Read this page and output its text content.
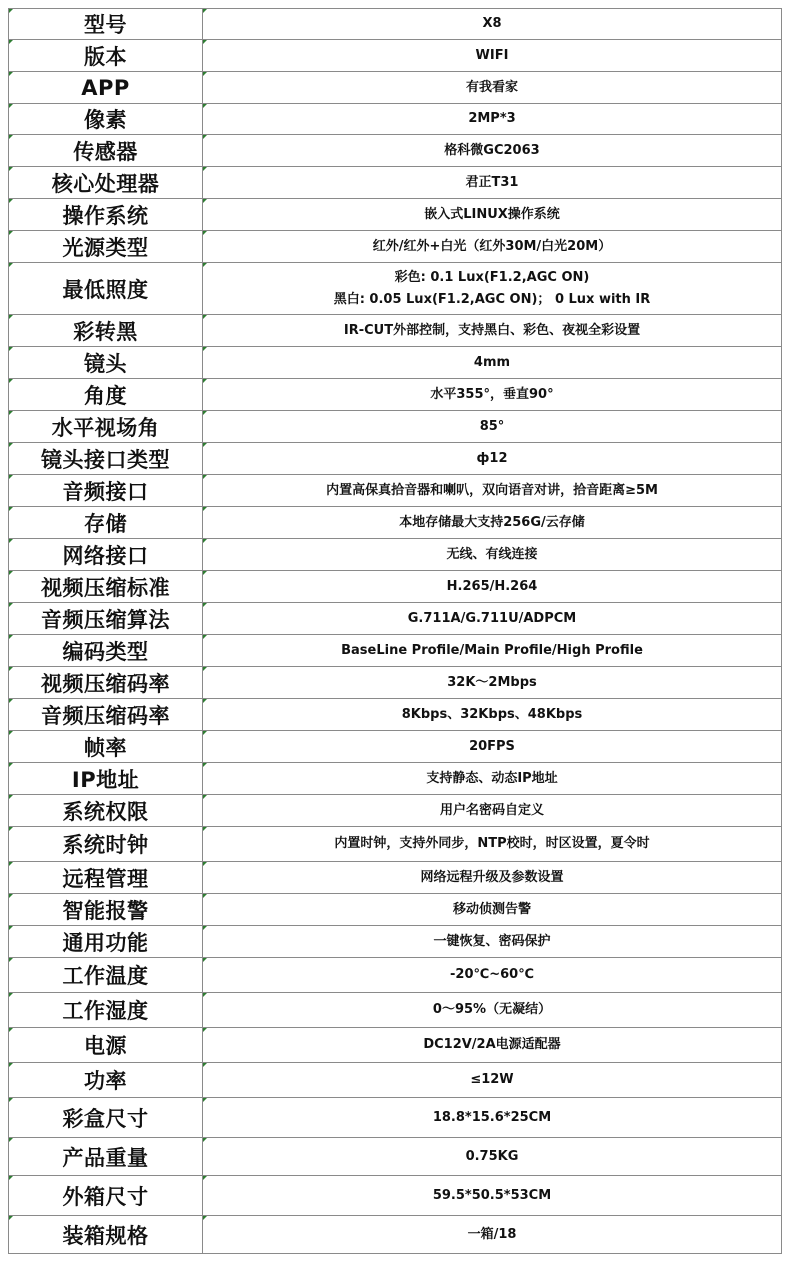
型号	X8

版本	WIFI

APP	有我看家

像素	2MP*3

传感器	格科微GC2063

核心处理器	君正T31

操作系统	嵌入式LINUX操作系统

光源类型	红外/红外+白光（红外30M/白光20M）

最低照度	彩色: 0.1 Lux(F1.2,AGC ON)
黑白: 0.05 Lux(F1.2,AGC ON)； 0 Lux with IR

彩转黑	IR-CUT外部控制，支持黑白、彩色、夜视全彩设置

镜头	4mm

角度	水平355°，垂直90°

水平视场角	85°

镜头接口类型	ф12

音频接口	内置高保真拾音器和喇叭，双向语音对讲，拾音距离≥5M

存储	本地存储最大支持256G/云存储

网络接口	无线、有线连接

视频压缩标准	H.265/H.264

音频压缩算法	G.711A/G.711U/ADPCM

编码类型	BaseLine Profile/Main Profile/High Profile

视频压缩码率	32K～2Mbps

音频压缩码率	8Kbps、32Kbps、48Kbps

帧率	20FPS

IP地址	支持静态、动态IP地址

系统权限	用户名密码自定义

系统时钟	内置时钟，支持外同步，NTP校时，时区设置，夏令时

远程管理	网络远程升级及参数设置

智能报警	移动侦测告警

通用功能	一键恢复、密码保护

工作温度	-20℃~60℃

工作湿度	0～95%（无凝结）

电源	DC12V/2A电源适配器

功率	≤12W

彩盒尺寸	18.8*15.6*25CM

产品重量	0.75KG

外箱尺寸	59.5*50.5*53CM

装箱规格	一箱/18
